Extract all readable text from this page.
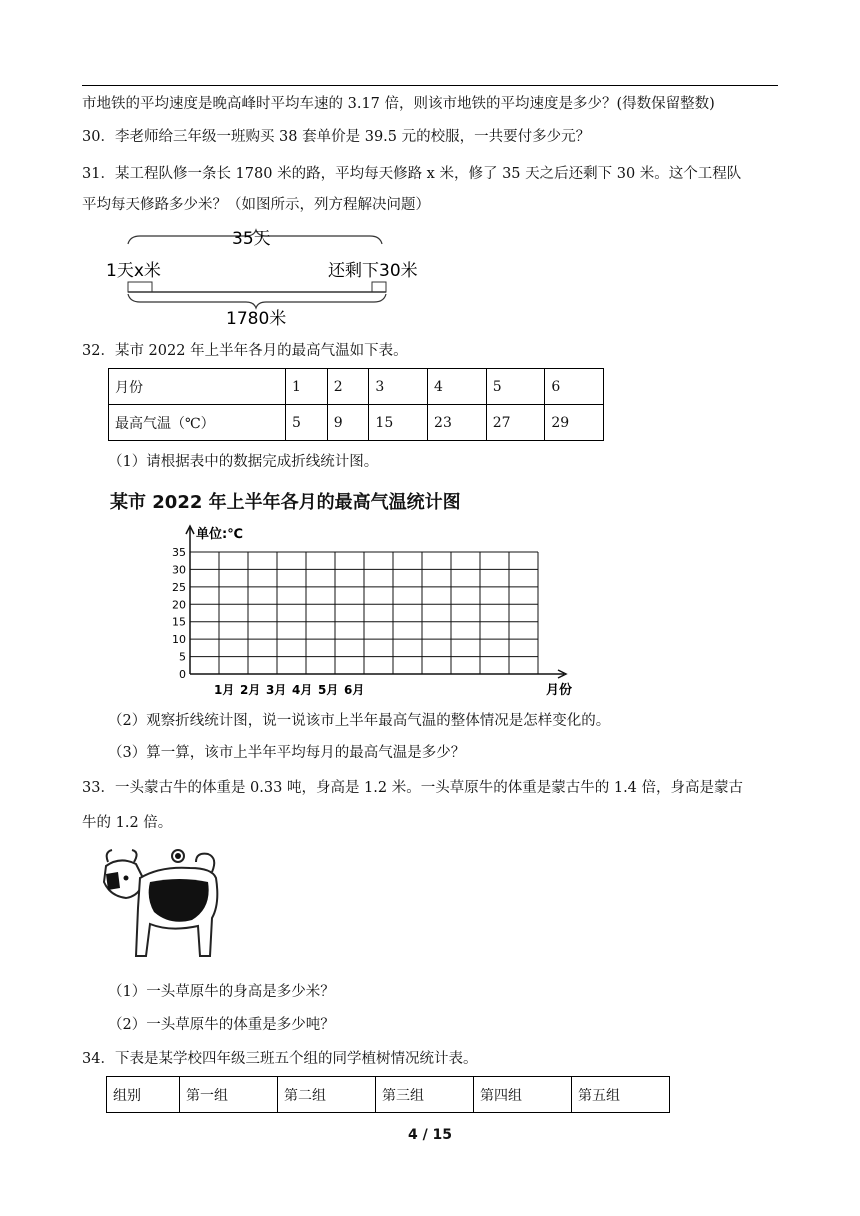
市地铁的平均速度是晚高峰时平均车速的 3.17 倍，则该市地铁的平均速度是多少？(得数保留整数)
30．李老师给三年级一班购买 38 套单价是 39.5 元的校服，一共要付多少元？
31．某工程队修一条长 1780 米的路，平均每天修路 x 米，修了 35 天之后还剩下 30 米。这个工程队
平均每天修路多少米？（如图所示，列方程解决问题）
35天
1天x米	还剩下30米
1780米
32．某市 2022 年上半年各月的最高气温如下表。
月份	1	2	3	4	5	6
最高气温（℃）	5	9	15	23	27	29
（1）请根据表中的数据完成折线统计图。
某市 2022 年上半年各月的最高气温统计图
0
5
10
15
20
25
30
35
单位:℃
月份
1月 2月 3月 4月 5月 6月
（2）观察折线统计图，说一说该市上半年最高气温的整体情况是怎样变化的。
（3）算一算，该市上半年平均每月的最高气温是多少？
33．一头蒙古牛的体重是 0.33 吨，身高是 1.2 米。一头草原牛的体重是蒙古牛的 1.4 倍，身高是蒙古
牛的 1.2 倍。
（1）一头草原牛的身高是多少米？
（2）一头草原牛的体重是多少吨？
34．下表是某学校四年级三班五个组的同学植树情况统计表。
组别	第一组	第二组	第三组	第四组	第五组
4 / 15
